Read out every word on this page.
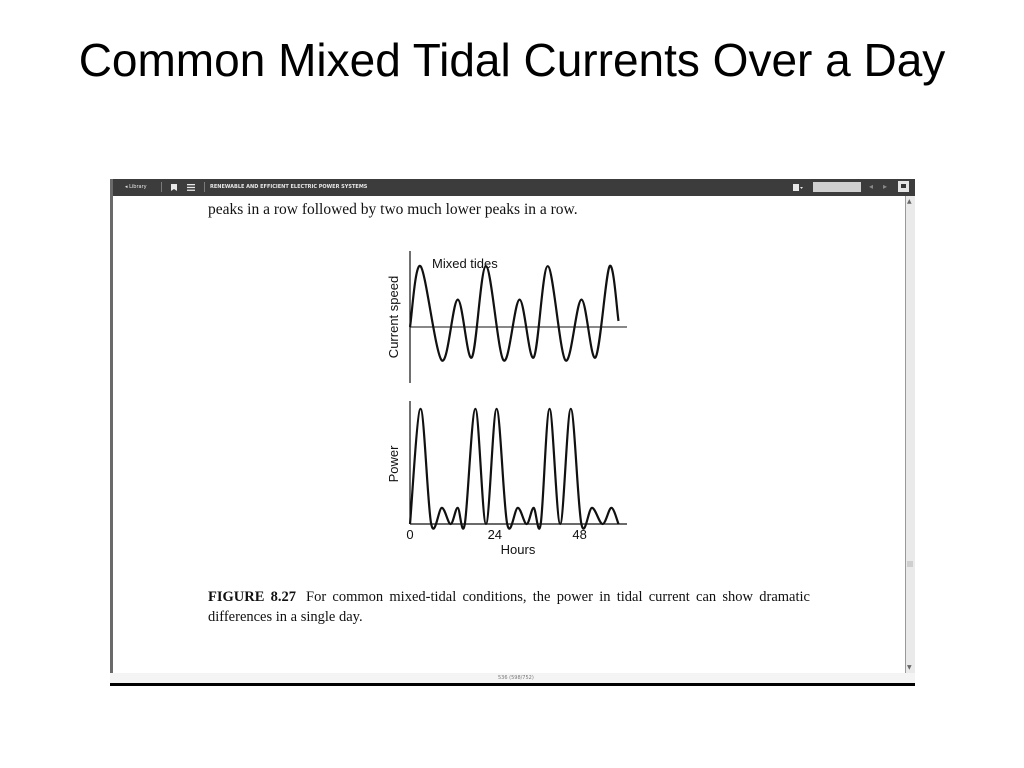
Common Mixed Tidal Currents Over a Day
◂ Library	RENEWABLE AND EFFICIENT ELECTRIC POWER SYSTEMS	◂ ▸
peaks in a row followed by two much lower peaks in a row.
FIGURE 8.27 For common mixed-tidal conditions, the power in tidal current can show dramatic differences in a single day.
▲
▼
Mixed tides
Current speed
Power
0	24	48
Hours
536 (598/752)
